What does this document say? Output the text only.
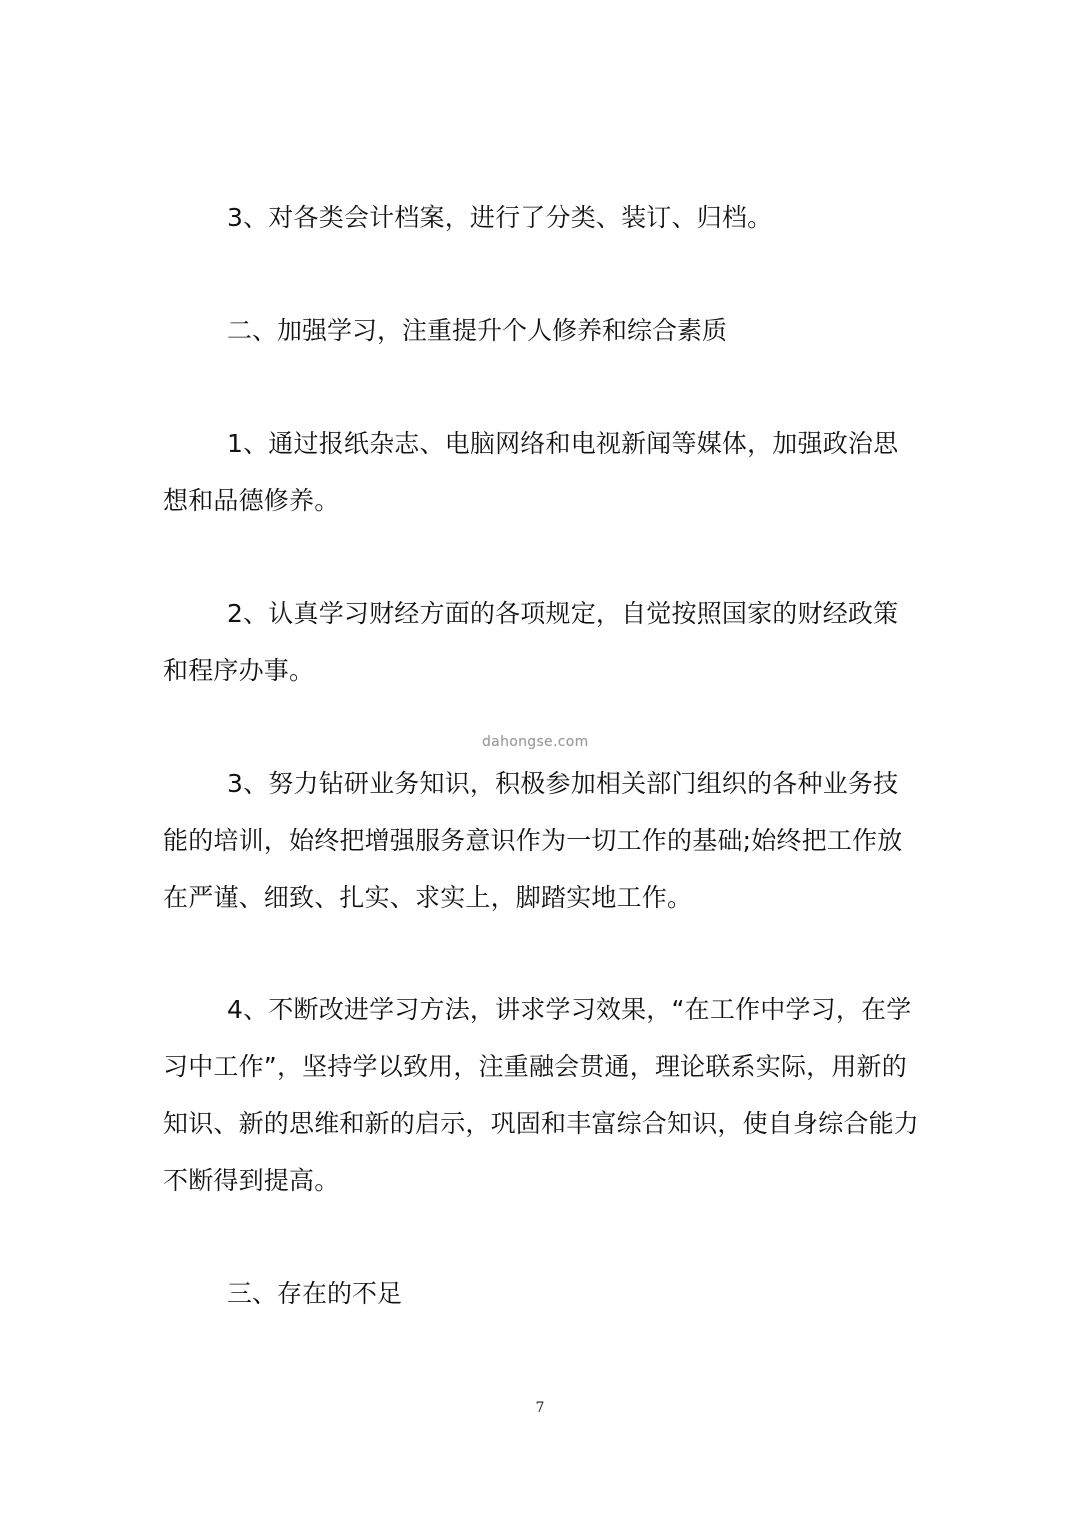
3、对各类会计档案，进行了分类、装订、归档。

二、加强学习，注重提升个人修养和综合素质

1、通过报纸杂志、电脑网络和电视新闻等媒体，加强政治思想和品德修养。

2、认真学习财经方面的各项规定，自觉按照国家的财经政策和程序办事。

dahongse.com

3、努力钻研业务知识，积极参加相关部门组织的各种业务技能的培训，始终把增强服务意识作为一切工作的基础;始终把工作放在严谨、细致、扎实、求实上，脚踏实地工作。

4、不断改进学习方法，讲求学习效果，“在工作中学习，在学习中工作”，坚持学以致用，注重融会贯通，理论联系实际，用新的知识、新的思维和新的启示，巩固和丰富综合知识，使自身综合能力不断得到提高。

三、存在的不足

7
